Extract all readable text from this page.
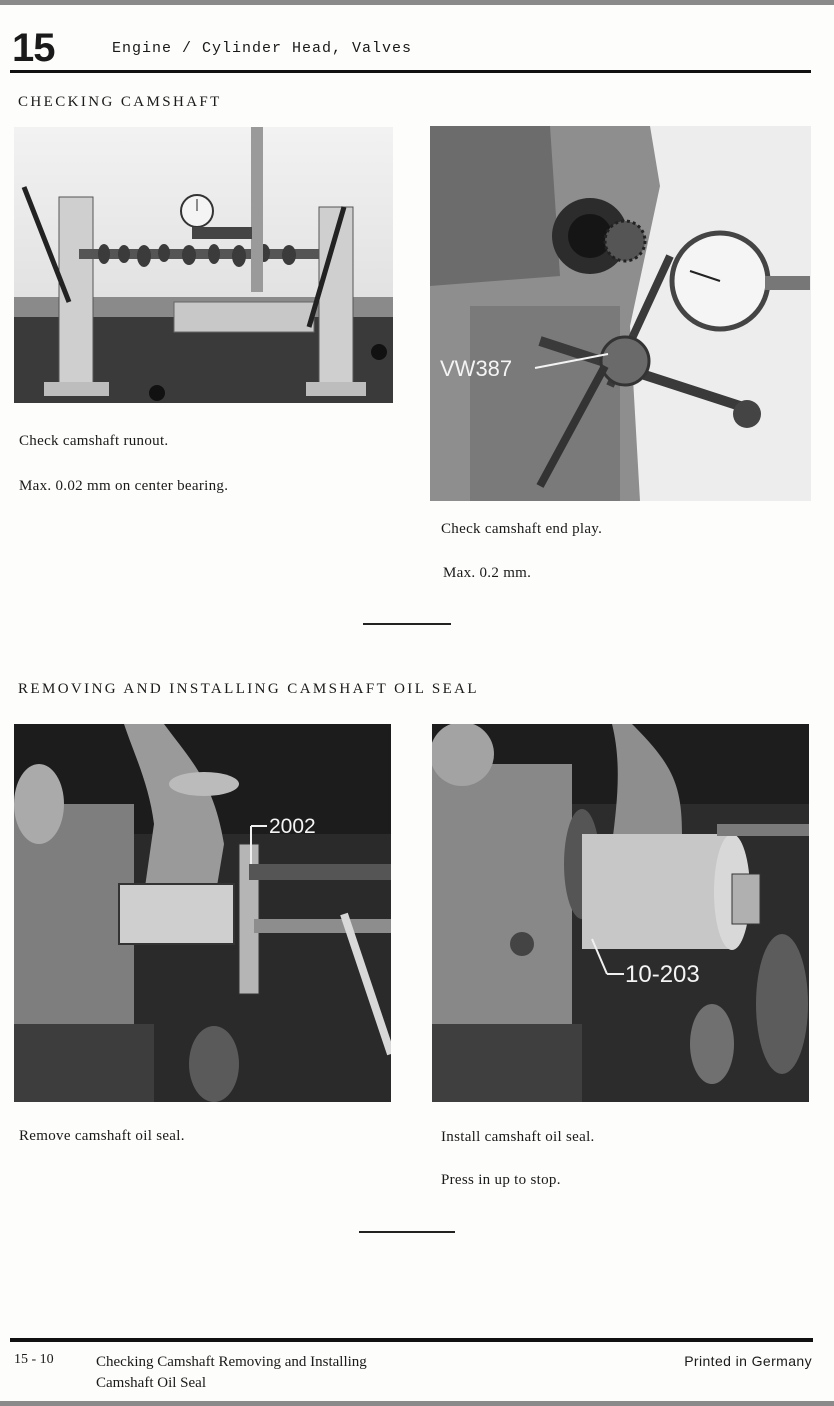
15	Engine / Cylinder Head, Valves
CHECKING CAMSHAFT
VW387
Check camshaft runout.
Max. 0.02 mm on center bearing.
Check camshaft end play.
Max. 0.2 mm.
REMOVING AND INSTALLING CAMSHAFT OIL SEAL
2002
10-203
Remove camshaft oil seal.	Install camshaft oil seal.
Press in up to stop.
15 - 10	Checking Camshaft Removing and Installing
Camshaft Oil Seal
Printed in Germany
